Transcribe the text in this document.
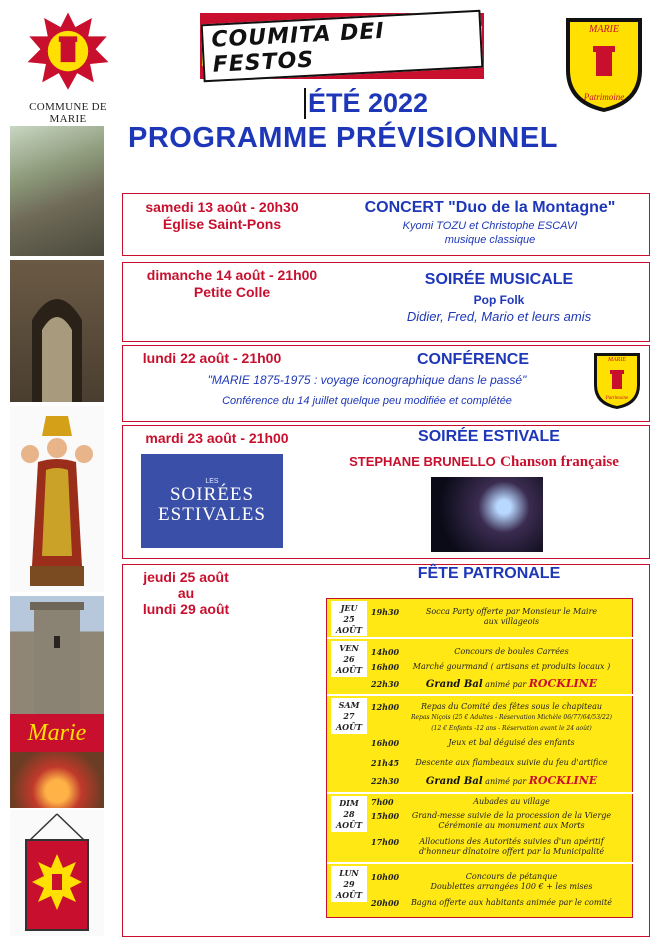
COMMUNE DE MARIE
COUMITA DEI FESTOS
MARIE
Patrimoine
ÉTÉ 2022
PROGRAMME PRÉVISIONNEL
Marie
samedi 13 août - 20h30
Église Saint-Pons
CONCERT "Duo de la Montagne"
Kyomi TOZU et Christophe ESCAVI
musique classique
dimanche 14 août - 21h00
Petite Colle
SOIRÉE MUSICALE
Pop Folk
Didier, Fred, Mario et leurs amis
lundi 22 août - 21h00	CONFÉRENCE
"MARIE 1875-1975 : voyage iconographique dans le passé"
Conférence du 14 juillet quelque peu modifiée et complétée
MARIE
Patrimoine
mardi 23 août - 21h00	SOIRÉE ESTIVALE
STEPHANE BRUNELLO Chanson française
LES
SOIRÉES
ESTIVALES
jeudi 25 août
au
lundi 29 août
FÊTE PATRONALE
JEU
25
AOÛT
19h30	Socca Party offerte par Monsieur le Maire
aux villageois
VEN
26
AOÛT
14h00	Concours de boules Carrées
16h00	Marché gourmand ( artisans et produits locaux )
22h30	Grand Bal animé par ROCKLINE
SAM
27
AOÛT
12h00	Repas du Comité des fêtes sous le chapiteau
Repas Niçois (25 € Adultes - Réservation Michèle 06/77/64/53/22)
(12 € Enfants -12 ans - Réservation avant le 24 août)
16h00	Jeux et bal déguisé des enfants
21h45	Descente aux flambeaux suivie du feu d'artifice
22h30	Grand Bal animé par ROCKLINE
DIM
28
AOÛT
7h00	Aubades au village
15h00	Grand-messe suivie de la procession de la Vierge
Cérémonie au monument aux Morts
17h00	Allocutions des Autorités suivies d'un apéritif
d'honneur dînatoire offert par la Municipalité
LUN
29
AOÛT
10h00	Concours de pétanque
Doublettes arrangées 100 € + les mises
20h00	Bagna offerte aux habitants animée par le comité
